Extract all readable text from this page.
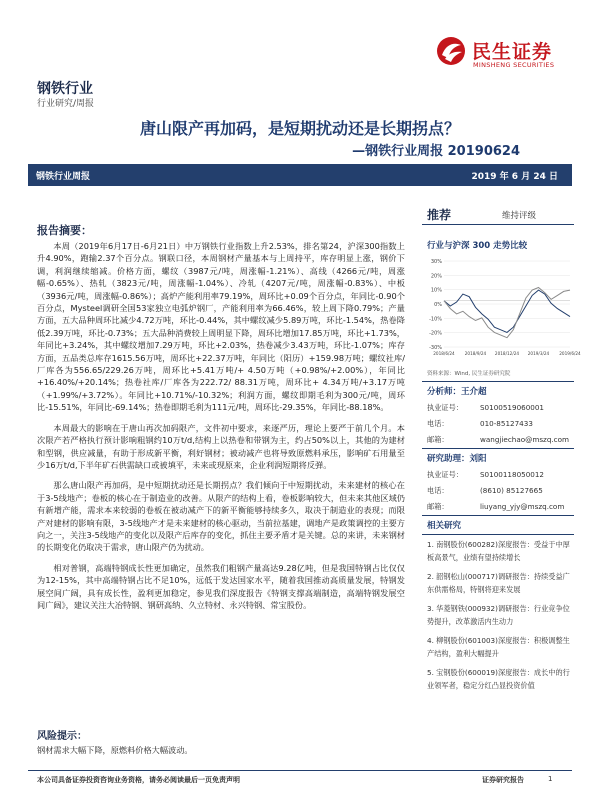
民生证券
MINSHENG SECURITIES
钢铁行业
行业研究/周报
唐山限产再加码，是短期扰动还是长期拐点？
—钢铁行业周报 20190624
钢铁行业周报	2019 年 6 月 24 日
报告摘要：

本周（2019年6月17日-6月21日）中万钢铁行业指数上升2.53%，排名第24，沪深300指数上升4.90%，跑输2.37个百分点。钢联口径，本周钢材产量基本与上周持平，库存明显上涨，钢价下调，利润继续缩减。价格方面，螺纹（3987元/吨，周涨幅-1.21%）、高线（4266元/吨，周涨幅-0.65%）、热轧（3823元/吨，周涨幅-1.04%）、冷轧（4207元/吨，周涨幅-0.83%）、中板（3936元/吨，周涨幅-0.86%）；高炉产能利用率79.19%，周环比+0.09个百分点，年同比-0.90个百分点，Mysteel调研全国53家独立电弧炉钢厂，产能利用率为66.46%，较上周下降0.79%；产量方面，五大品种周环比减少4.72万吨，环比-0.44%，其中螺纹减少5.89万吨，环比-1.54%，热卷降低2.39万吨，环比-0.73%；五大品种消费较上周明显下降，周环比增加17.85万吨，环比+1.73%，年同比+3.24%，其中螺纹增加7.29万吨，环比+2.03%，热卷减少3.43万吨，环比-1.07%；库存方面，五品类总库存1615.56万吨，周环比+22.37万吨，年同比（阳历）+159.98万吨；螺纹社库/厂库各为556.65/229.26万吨，周环比+5.41万吨/+ 4.50万吨（+0.98%/+2.00%），年同比+16.40%/+20.14%；热卷社库/厂库各为222.72/ 88.31万吨，周环比+ 4.34万吨/+3.17万吨（+1.99%/+3.72%）。年同比+10.71%/-10.32%；利润方面，螺纹即期毛利为300元/吨，周环比-15.51%，年同比-69.14%；热卷即期毛利为111元/吨，周环比-29.35%，年同比-88.18%。

本周最大的影响在于唐山再次加码限产，文件初中要求，来逐严历，理论上要严于前几个月。本次限产若严格执行预计影响粗钢约10万t/d,结构上以热卷和带钢为主，约占50%以上，其他的为建材和型钢，供应减量，有助于形成新平衡，利好钢材；被动减产也将导致原燃料承压，影响矿石用量至少16万t/d,下半年矿石供需缺口或被填平，未来或现原来，企业利润短期将反弹。

那么唐山限产再加码，是中短期扰动还是长期拐点？我们倾向于中短期扰动，未来建材的核心在于3-5线地产；卷板的核心在于制造业的改善。从限产的结构上看，卷板影响较大，但未来其他区域仍有新增产能，需求本来较弱的卷板在被动减产下的新平衡能够持续多久，取决于制造业的表现；而限产对建材的影响有限，3-5线地产才是未来建材的核心驱动，当前拉基建，调地产是政策调控的主要方向之一，关注3-5线地产的变化以及限产后库存的变化，抓住主要矛盾才是关键。总的来讲，未来钢材的长期变化仍取决于需求，唐山限产仍为扰动。

相对普钢，高端特钢成长性更加确定，虽然我们粗钢产量高达9.28亿吨，但是我国特钢占比仅仅为12-15%，其中高端特钢占比不足10%，远低于发达国家水平，随着我国推动高质量发展，特钢发展空间广阔，具有成长性，盈利更加稳定，参见我们深度报告《特钢支撑高端制造，高端特钢发展空间广阔》，建议关注大冶特钢、钢研高纳、久立特材、永兴特钢、常宝股份。

风险提示：
钢材需求大幅下降，原燃料价格大幅波动。
推荐	维持评级
行业与沪深 300 走势比较
30%
20%
10%
0%
-10%
-20%
-30%
2018/6/24 2018/9/24 2018/12/24 2019/3/24 2019/6/24
资料来源：Wind, 民生证券研究院
分析师：王介超
执业证号： S0100519060001
电话：	010-85127433
邮箱：	wangjiechao@mszq.com
研究助理：刘阳
执业证号： S0100118050012
电话：	(8610) 85127665
邮箱：	liuyang_yjy@mszq.com
相关研究
1. 南钢股份(600282)深度报告：受益于中厚板高景气，业绩有望持续增长
2. 韶钢松山(000717)调研报告：持续受益广东供需格局，特钢将迎来发展
3. 华菱钢铁(000932)调研报告：行业竞争位势提升，改革激活内生动力
4. 柳钢股份(601003)深度报告：积极调整生产结构，盈利大幅提升
5. 宝钢股份(600019)深度报告：成长中的行业领军者，稳定分红凸显投资价值
本公司具备证券投资咨询业务资格，请务必阅读最后一页免责声明	证券研究报告	1
